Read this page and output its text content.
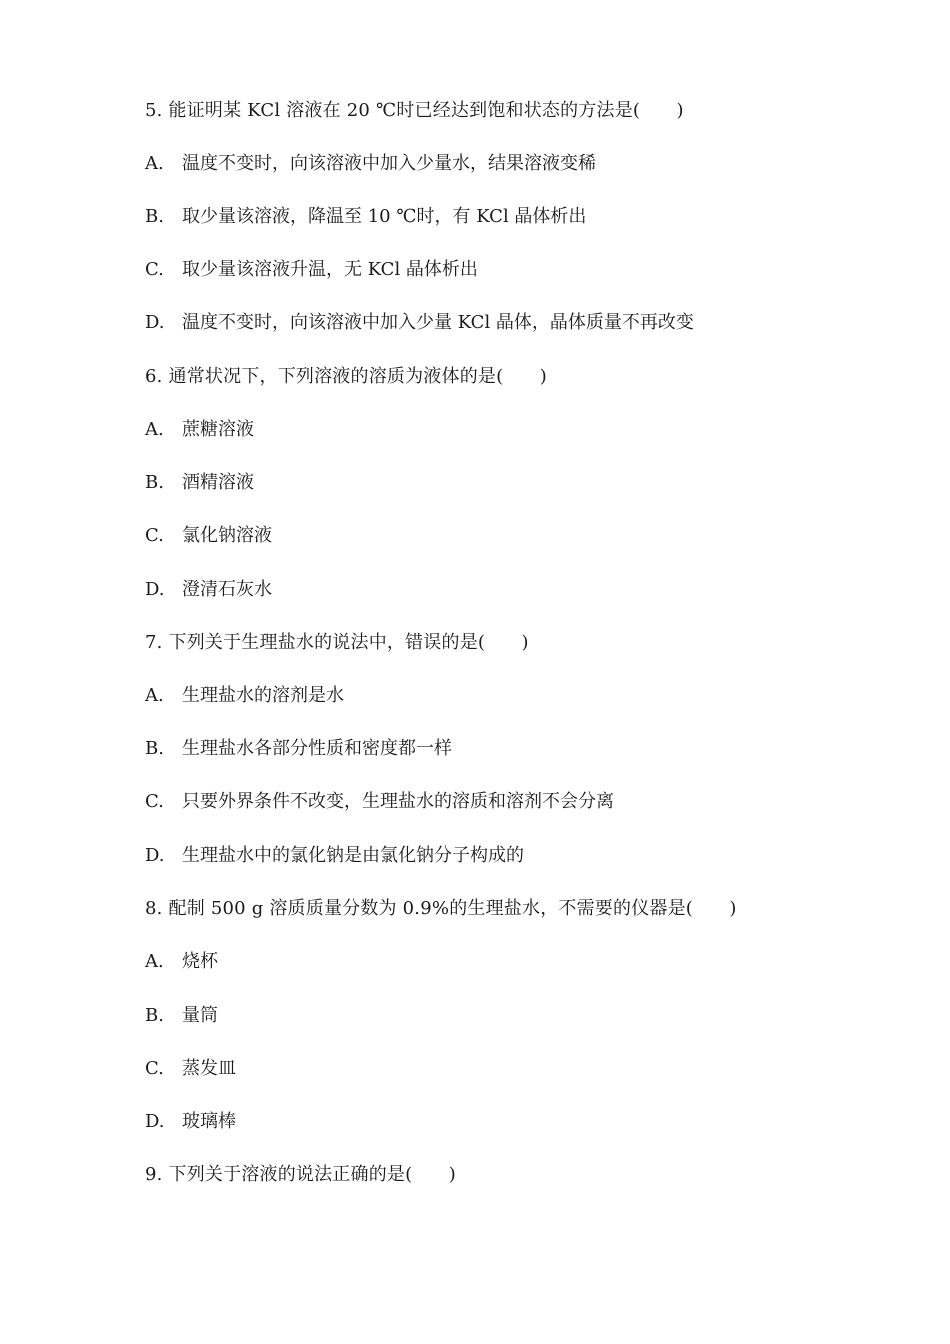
5. 能证明某 KCl 溶液在 20 ℃时已经达到饱和状态的方法是(　　)
A. 温度不变时，向该溶液中加入少量水，结果溶液变稀
B. 取少量该溶液，降温至 10 ℃时，有 KCl 晶体析出
C. 取少量该溶液升温，无 KCl 晶体析出
D. 温度不变时，向该溶液中加入少量 KCl 晶体，晶体质量不再改变
6. 通常状况下，下列溶液的溶质为液体的是(　　)
A. 蔗糖溶液
B. 酒精溶液
C. 氯化钠溶液
D. 澄清石灰水
7. 下列关于生理盐水的说法中，错误的是(　　)
A. 生理盐水的溶剂是水
B. 生理盐水各部分性质和密度都一样
C. 只要外界条件不改变，生理盐水的溶质和溶剂不会分离
D. 生理盐水中的氯化钠是由氯化钠分子构成的
8. 配制 500 g 溶质质量分数为 0.9%的生理盐水，不需要的仪器是(　　)
A. 烧杯
B. 量筒
C. 蒸发皿
D. 玻璃棒
9. 下列关于溶液的说法正确的是(　　)
